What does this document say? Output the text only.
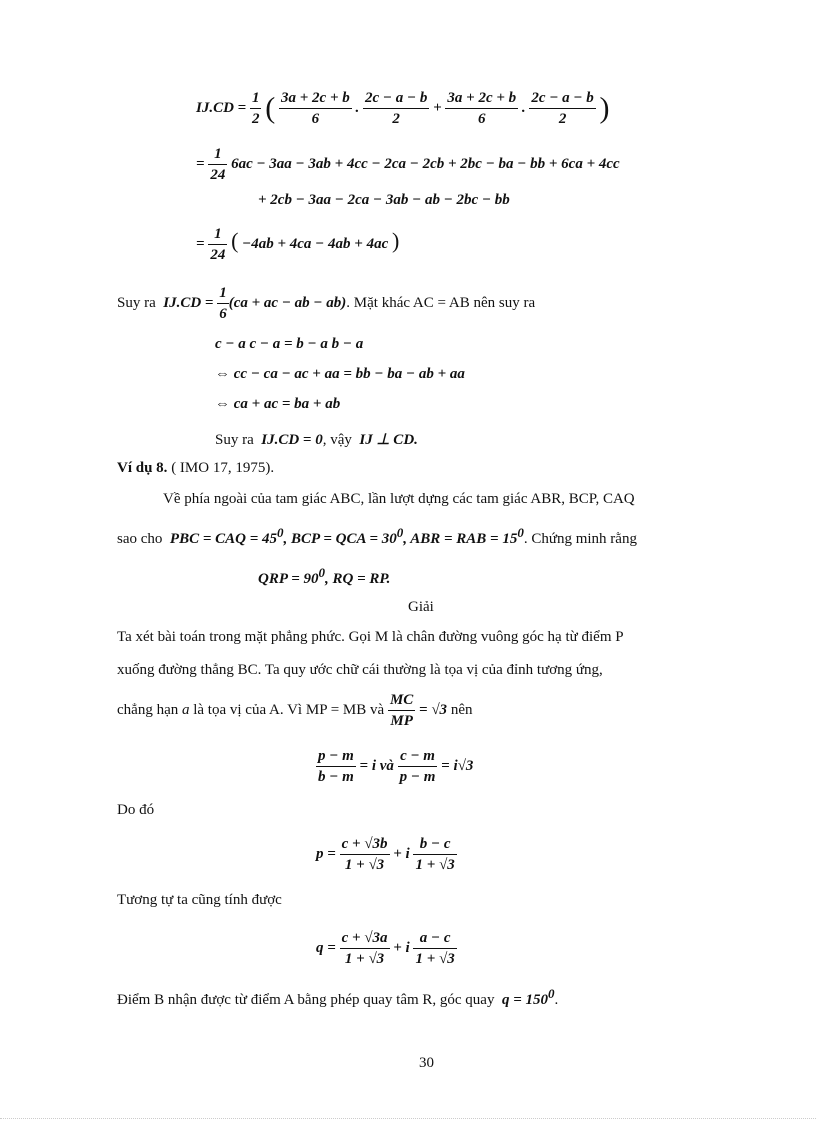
$IJ.CD = \frac{1}{2}$ ( $\frac{3a + 2c + b}{6}$ . $\frac{2c - a - b}{2} + \frac{3a + 2c + b}{6}$ . $\frac{2c - a - b}{2}$ )
= $\frac{1}{24} 6ac - 3aa - 3ab + 4cc - 2ca - 2cb + 2bc$ − ba − bb + 6ca + 4cc
+ 2cb − 3aa − 2ca − 3ab − ab − 2bc − bb
= $\frac{1}{24}$ ( −4ab + 4ca − 4ab + 4ac )
Suy ra  $IJ.CD = \frac{1}{6} (ca$ + ac − ab − ab). Mặt khác AC = AB nên suy ra
c − a c − a = b − a b − a
⇔ cc − ca − ac + aa = bb − ba − ab + aa
⇔ ca + ac = ba + ab
Suy ra  IJ.CD = 0, vậy  IJ ⊥ CD.
Ví dụ 8. ( IMO 17, 1975).
Về phía ngoài của tam giác ABC, lần lượt dựng các tam giác ABR, BCP, CAQ
sao cho  PBC = CAQ = $45^0$, BCP = QCA = $30^0$, ABR = RAB = $15^0$. Chứng minh rằng
QRP = $90^0$, RQ = RP.
Giải
Ta xét bài toán trong mặt phẳng phức. Gọi M là chân đường vuông góc hạ từ điểm P
xuống đường thẳng BC. Ta quy ước chữ cái thường là tọa vị của đỉnh tương ứng,
chẳng hạn a là tọa vị của A. Vì MP = MB và $\frac{MC}{MP} = √3$ nên
$\frac{p - m}{b - m} = i$ và $\frac{c - m}{p - m} = i√3$
Do đó
$p = \frac{c + √3b}{1 + √3} + i \frac{b - c}{1 + √3}$
Tương tự ta cũng tính được
$q = \frac{c + √3a}{1 + √3} + i \frac{a - c}{1 + √3}$
Điểm B nhận được từ điểm A bằng phép quay tâm R, góc quay  $q = 150^0$.
30
